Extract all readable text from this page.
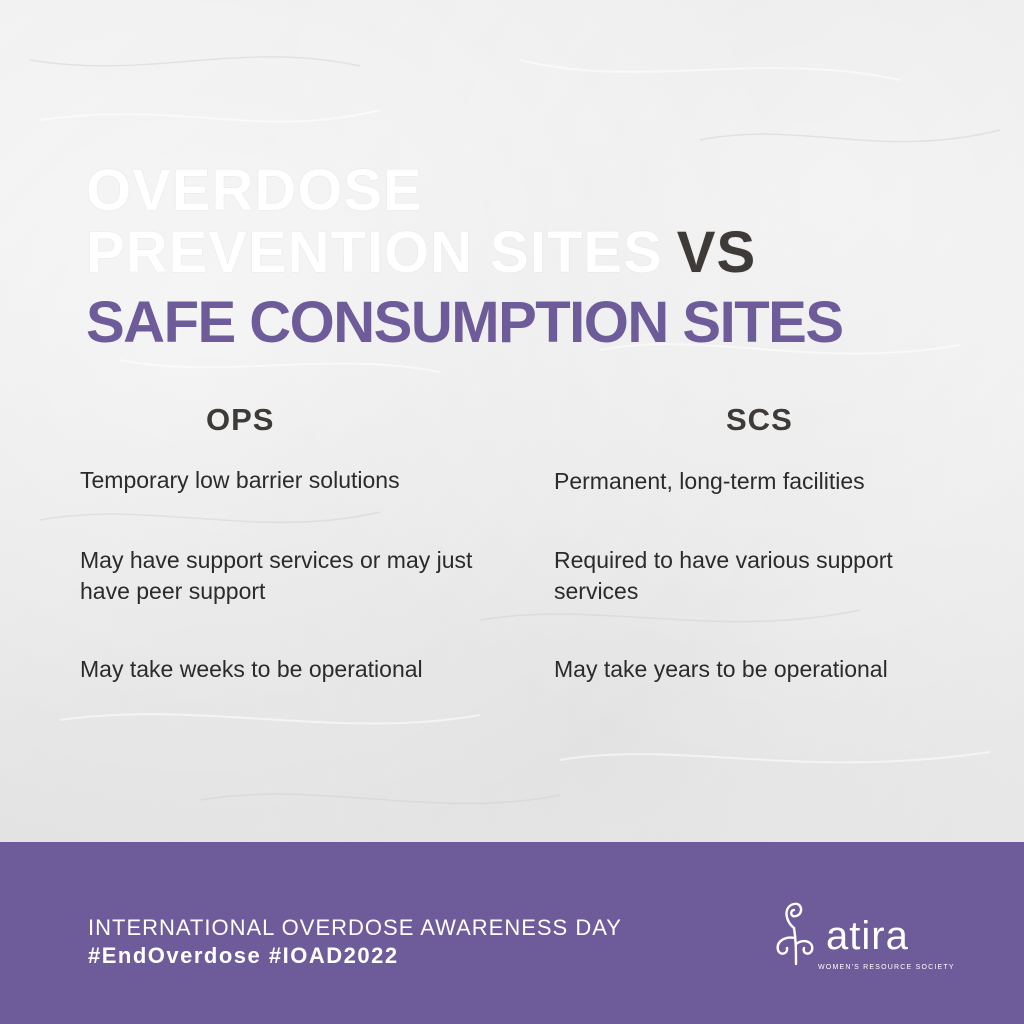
OVERDOSE
PREVENTION SITES VS
SAFE CONSUMPTION SITES
OPS	SCS
Temporary low barrier solutions
May have support services or may just have peer support
May take weeks to be operational
Permanent, long-term facilities
Required to have various support services
May take years to be operational
INTERNATIONAL OVERDOSE AWARENESS DAY
#EndOverdose #IOAD2022	atira
WOMEN'S RESOURCE SOCIETY
